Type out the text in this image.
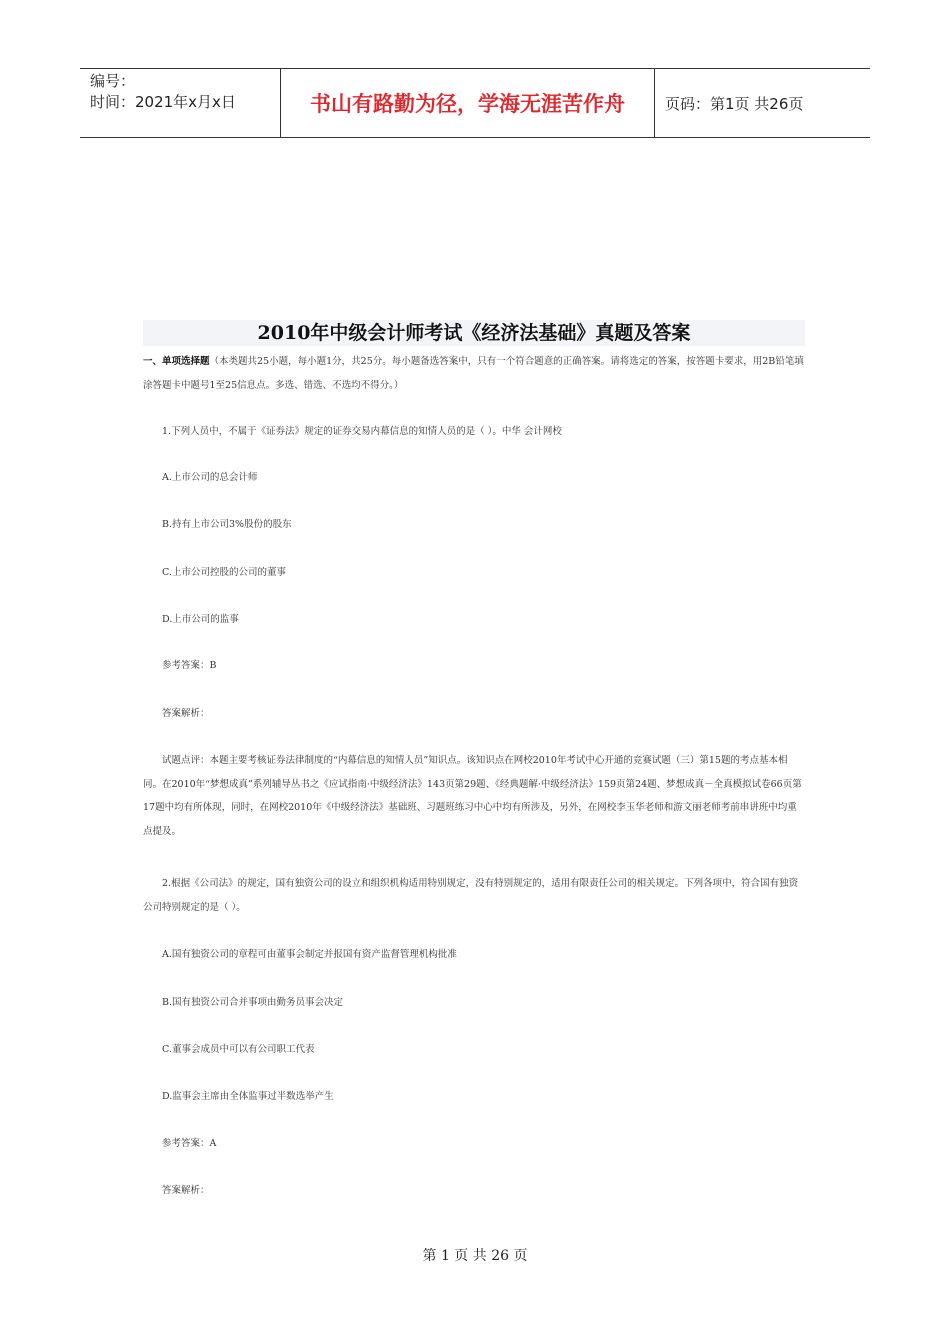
编号：
时间：2021年x月x日	书山有路勤为径，学海无涯苦作舟	页码：第1页 共26页
2010年中级会计师考试《经济法基础》真题及答案

一、单项选择题（本类题共25小题，每小题1分，共25分。每小题备选答案中，只有一个符合题意的正确答案。请将选定的答案，按答题卡要求，用2B铅笔填涂答题卡中题号1至25信息点。多选、错选、不选均不得分。）

1.下列人员中，不属于《证券法》规定的证券交易内幕信息的知情人员的是（ ）。中华 会计网校

A.上市公司的总会计师

B.持有上市公司3%股份的股东

C.上市公司控股的公司的董事

D.上市公司的监事

参考答案：B

答案解析：

试题点评：本题主要考核证券法律制度的“内幕信息的知情人员”知识点。该知识点在网校2010年考试中心开通的竞赛试题（三）第15题的考点基本相同。在2010年“梦想成真”系列辅导丛书之《应试指南·中级经济法》143页第29题、《经典题解·中级经济法》159页第24题、梦想成真－全真模拟试卷66页第17题中均有所体现，同时，在网校2010年《中级经济法》基础班、习题班练习中心中均有所涉及，另外，在网校李玉华老师和游文丽老师考前串讲班中均重点提及。

2.根据《公司法》的规定，国有独资公司的设立和组织机构适用特别规定，没有特别规定的，适用有限责任公司的相关规定。下列各项中，符合国有独资公司特别规定的是（ ）。

A.国有独资公司的章程可由董事会制定并报国有资产监督管理机构批准

B.国有独资公司合并事项由勤务员事会决定

C.董事会成员中可以有公司职工代表

D.监事会主席由全体监事过半数选举产生

参考答案：A

答案解析：

第 1 页 共 26 页
